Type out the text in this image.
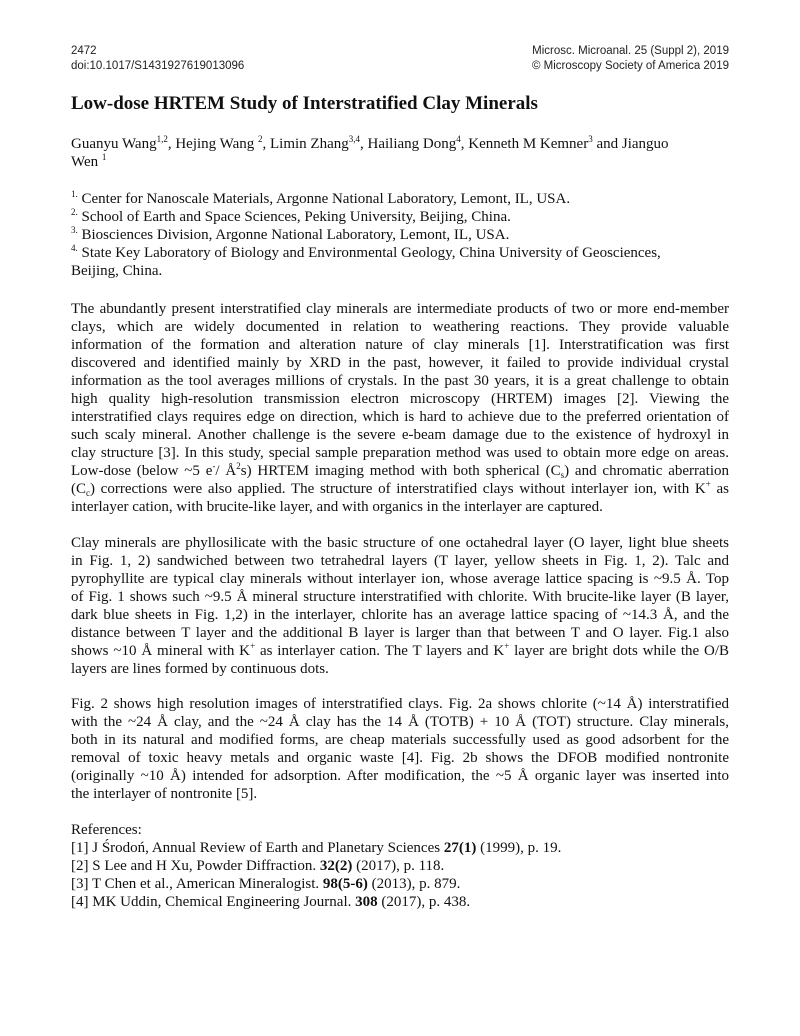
2472
doi:10.1017/S1431927619013096
Microsc. Microanal. 25 (Suppl 2), 2019
© Microscopy Society of America 2019
Low-dose HRTEM Study of Interstratified Clay Minerals
Guanyu Wang$^{1,2}$, Hejing Wang $^2$, Limin Zhang$^{3,4}$, Hailiang Dong$^4$, Kenneth M Kemner$^3$ and Jianguo
Wen $^1$
$^{1.}$ Center for Nanoscale Materials, Argonne National Laboratory, Lemont, IL, USA.
$^{2.}$ School of Earth and Space Sciences, Peking University, Beijing, China.
$^{3.}$ Biosciences Division, Argonne National Laboratory, Lemont, IL, USA.
$^{4.}$ State Key Laboratory of Biology and Environmental Geology, China University of Geosciences,
Beijing, China.
The abundantly present interstratified clay minerals are intermediate products of two or more end-member
clays, which are widely documented in relation to weathering reactions. They provide valuable
information of the formation and alteration nature of clay minerals [1]. Interstratification was first
discovered and identified mainly by XRD in the past, however, it failed to provide individual crystal
information as the tool averages millions of crystals. In the past 30 years, it is a great challenge to obtain
high quality high-resolution transmission electron microscopy (HRTEM) images [2]. Viewing the
interstratified clays requires edge on direction, which is hard to achieve due to the preferred orientation of
such scaly mineral. Another challenge is the severe e-beam damage due to the existence of hydroxyl in
clay structure [3]. In this study, special sample preparation method was used to obtain more edge on areas.
Low-dose (below ~5 e-/ $Å^2s$) HRTEM imaging method with both spherical $(C_s)$ and chromatic aberration
$(C_c)$ corrections were also applied. The structure of interstratified clays without interlayer ion, with K+ as
interlayer cation, with brucite-like layer, and with organics in the interlayer are captured.
Clay minerals are phyllosilicate with the basic structure of one octahedral layer (O layer, light blue sheets
in Fig. 1, 2) sandwiched between two tetrahedral layers (T layer, yellow sheets in Fig. 1, 2). Talc and
pyrophyllite are typical clay minerals without interlayer ion, whose average lattice spacing is ~9.5 Å. Top
of Fig. 1 shows such ~9.5 Å mineral structure interstratified with chlorite. With brucite-like layer (B layer,
dark blue sheets in Fig. 1,2) in the interlayer, chlorite has an average lattice spacing of ~14.3 Å, and the
distance between T layer and the additional B layer is larger than that between T and O layer. Fig.1 also
shows ~10 Å mineral with K+ as interlayer cation. The T layers and K+ layer are bright dots while the O/B
layers are lines formed by continuous dots.
Fig. 2 shows high resolution images of interstratified clays. Fig. 2a shows chlorite (~14 Å) interstratified
with the ~24 Å clay, and the ~24 Å clay has the 14 Å (TOTB) + 10 Å (TOT) structure. Clay minerals,
both in its natural and modified forms, are cheap materials successfully used as good adsorbent for the
removal of toxic heavy metals and organic waste [4]. Fig. 2b shows the DFOB modified nontronite
(originally ~10 Å) intended for adsorption. After modification, the ~5 Å organic layer was inserted into
the interlayer of nontronite [5].
References:
[1] J Środoń, Annual Review of Earth and Planetary Sciences 27(1) (1999), p. 19.
[2] S Lee and H Xu, Powder Diffraction. 32(2) (2017), p. 118.
[3] T Chen et al., American Mineralogist. 98(5-6) (2013), p. 879.
[4] MK Uddin, Chemical Engineering Journal. 308 (2017), p. 438.
